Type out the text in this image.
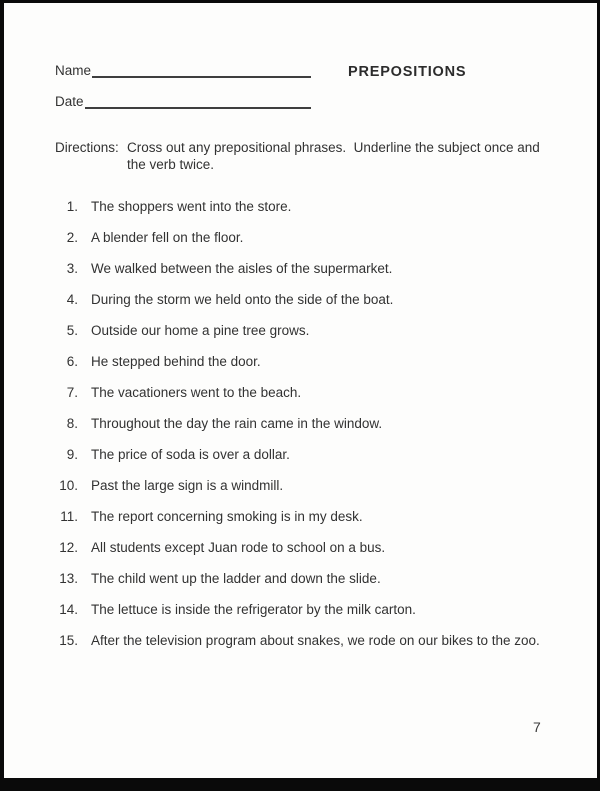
Name
Date
PREPOSITIONS
Directions: Cross out any prepositional phrases.  Underline the subject once and the verb twice.
1. The shoppers went into the store.
2. A blender fell on the floor.
3. We walked between the aisles of the supermarket.
4. During the storm we held onto the side of the boat.
5. Outside our home a pine tree grows.
6. He stepped behind the door.
7. The vacationers went to the beach.
8. Throughout the day the rain came in the window.
9. The price of soda is over a dollar.
10. Past the large sign is a windmill.
11. The report concerning smoking is in my desk.
12. All students except Juan rode to school on a bus.
13. The child went up the ladder and down the slide.
14. The lettuce is inside the refrigerator by the milk carton.
15. After the television program about snakes, we rode on our bikes to the zoo.
7
